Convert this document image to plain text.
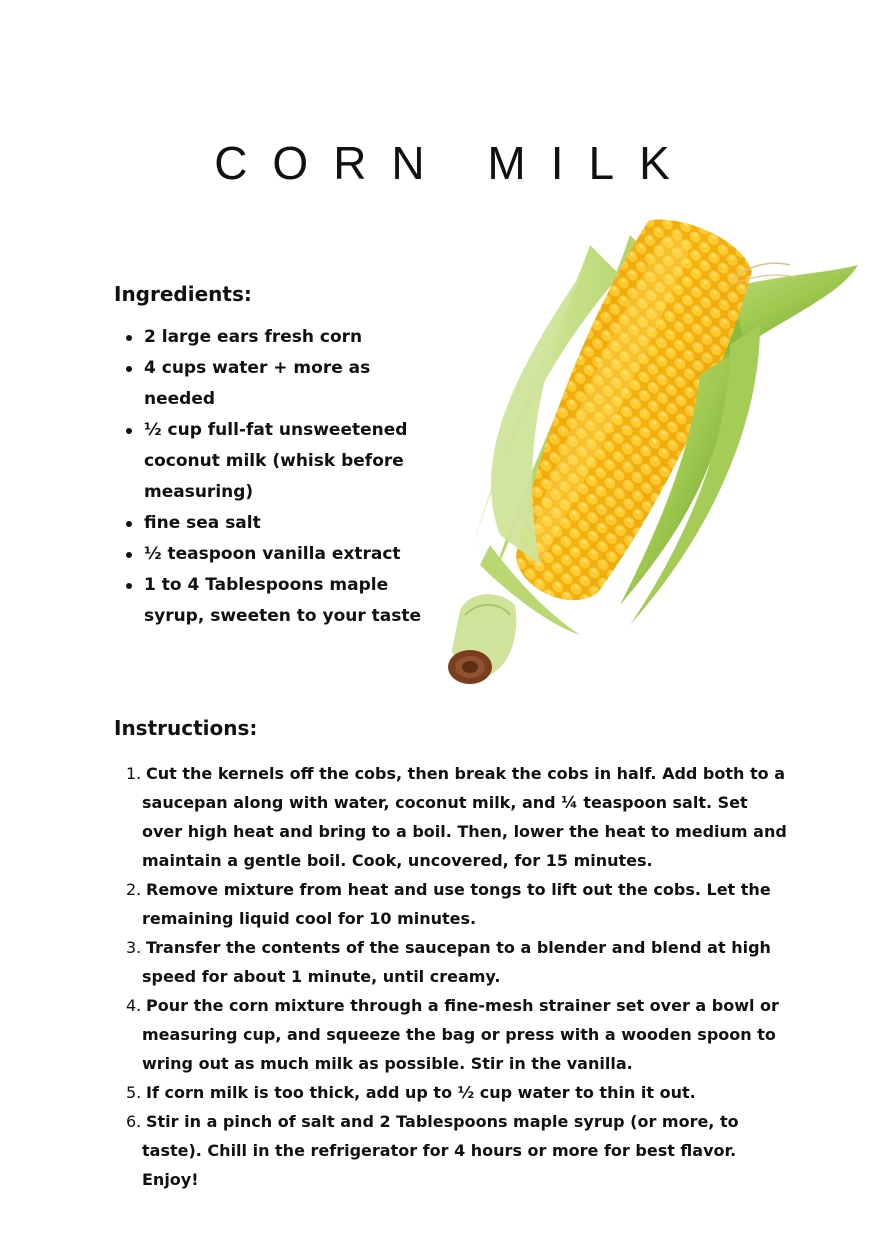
CORN MILK
Ingredients:
2 large ears fresh corn
4 cups water + more as needed
½ cup full-fat unsweetened coconut milk (whisk before measuring)
fine sea salt
½ teaspoon vanilla extract
1 to 4 Tablespoons maple syrup, sweeten to your taste
Instructions:
1. Cut the kernels off the cobs, then break the cobs in half. Add both to a saucepan along with water, coconut milk, and ¼ teaspoon salt. Set over high heat and bring to a boil. Then, lower the heat to medium and maintain a gentle boil. Cook, uncovered, for 15 minutes.
2. Remove mixture from heat and use tongs to lift out the cobs. Let the remaining liquid cool for 10 minutes.
3. Transfer the contents of the saucepan to a blender and blend at high speed for about 1 minute, until creamy.
4. Pour the corn mixture through a fine-mesh strainer set over a bowl or measuring cup, and squeeze the bag or press with a wooden spoon to wring out as much milk as possible. Stir in the vanilla.
5. If corn milk is too thick, add up to ½ cup water to thin it out.
6. Stir in a pinch of salt and 2 Tablespoons maple syrup (or more, to taste). Chill in the refrigerator for 4 hours or more for best flavor. Enjoy!
